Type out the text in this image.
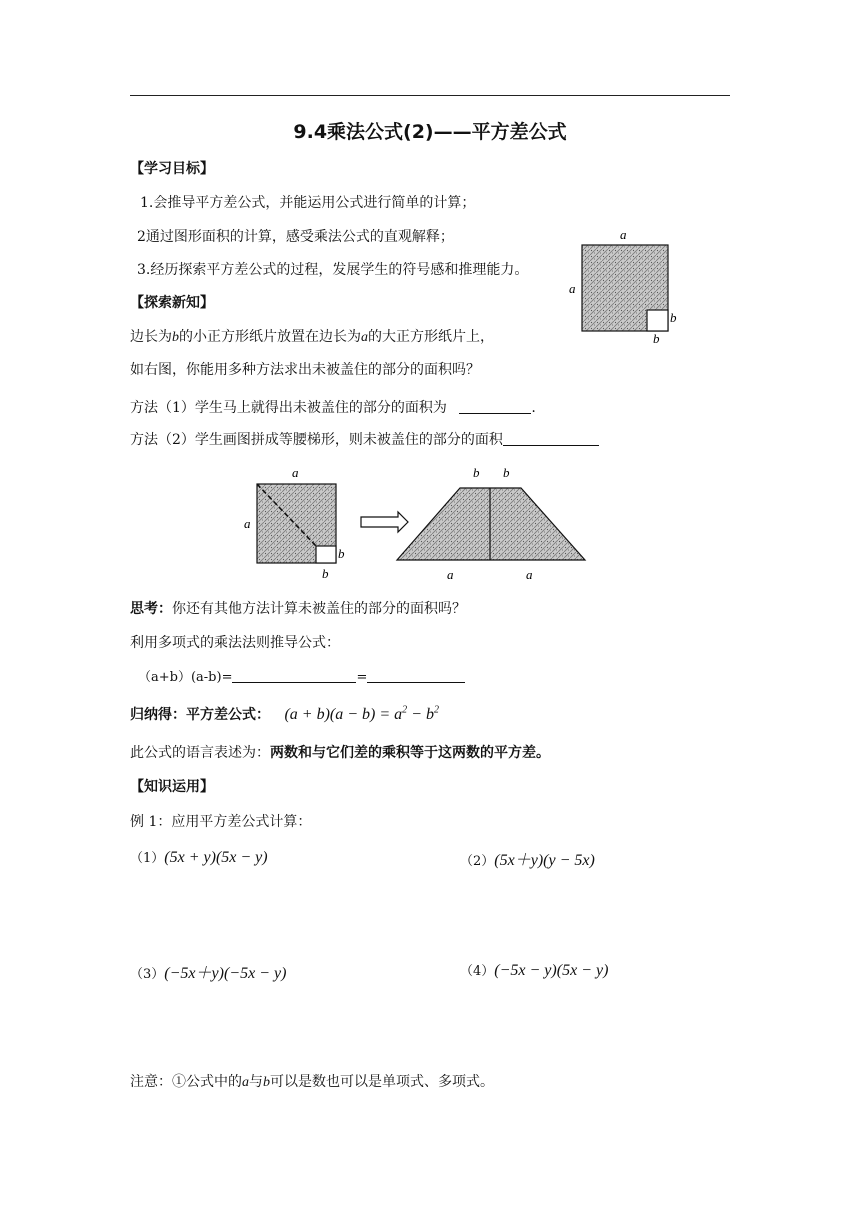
9.4乘法公式(2)——平方差公式
【学习目标】
1.会推导平方差公式，并能运用公式进行简单的计算；
2通过图形面积的计算，感受乘法公式的直观解释；
3.经历探索平方差公式的过程，发展学生的符号感和推理能力。
a
a
b
b
【探索新知】
边长为b的小正方形纸片放置在边长为a的大正方形纸片上，
如右图，你能用多种方法求出未被盖住的部分的面积吗？
方法（1）学生马上就得出未被盖住的部分的面积为	.
方法（2）学生画图拼成等腰梯形，则未被盖住的部分的面积
a
a
b
b
b b
a	a
思考：你还有其他方法计算未被盖住的部分的面积吗？
利用多项式的乘法法则推导公式：
（a+b）(a-b)=	=
归纳得：平方差公式： $(a + b)(a - b) = a^2 - b^2$
此公式的语言表述为：两数和与它们差的乘积等于这两数的平方差。
【知识运用】
例 1：应用平方差公式计算：
（1）(5x + y)(5x − y)	（2）(5x＋y)(y − 5x)
（3）(−5x＋y)(−5x − y)	（4）(−5x − y)(5x − y)
注意：①公式中的a与b可以是数也可以是单项式、多项式。
